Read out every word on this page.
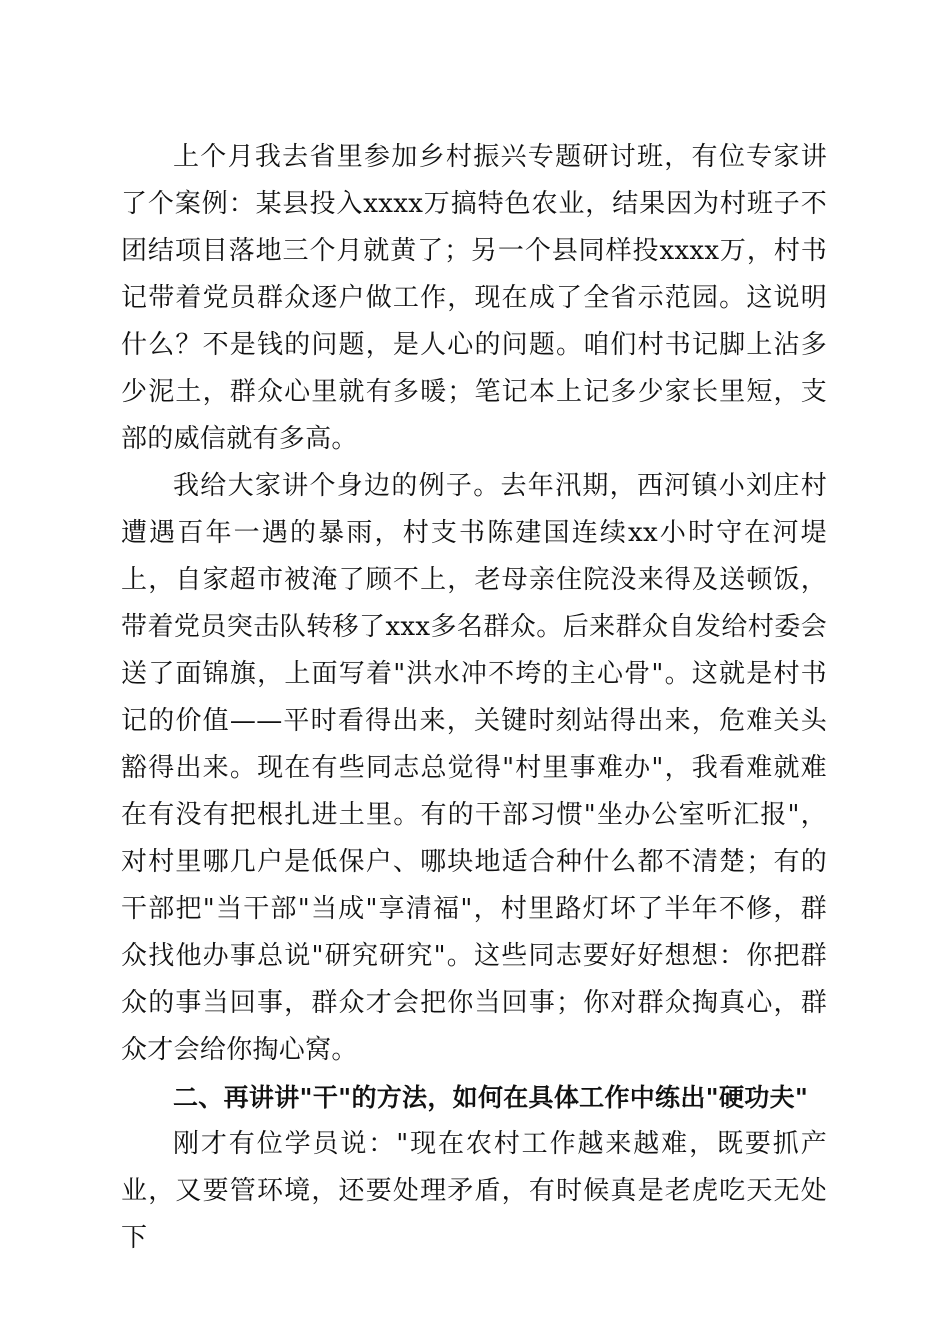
上个月我去省里参加乡村振兴专题研讨班，有位专家讲了个案例：某县投入xxxx万搞特色农业，结果因为村班子不团结项目落地三个月就黄了；另一个县同样投xxxx万，村书记带着党员群众逐户做工作，现在成了全省示范园。这说明什么？不是钱的问题，是人心的问题。咱们村书记脚上沾多少泥土，群众心里就有多暖；笔记本上记多少家长里短，支部的威信就有多高。

我给大家讲个身边的例子。去年汛期，西河镇小刘庄村遭遇百年一遇的暴雨，村支书陈建国连续xx小时守在河堤上，自家超市被淹了顾不上，老母亲住院没来得及送顿饭，带着党员突击队转移了xxx多名群众。后来群众自发给村委会送了面锦旗，上面写着"洪水冲不垮的主心骨"。这就是村书记的价值——平时看得出来，关键时刻站得出来，危难关头豁得出来。现在有些同志总觉得"村里事难办"，我看难就难在有没有把根扎进土里。有的干部习惯"坐办公室听汇报"，对村里哪几户是低保户、哪块地适合种什么都不清楚；有的干部把"当干部"当成"享清福"，村里路灯坏了半年不修，群众找他办事总说"研究研究"。这些同志要好好想想：你把群众的事当回事，群众才会把你当回事；你对群众掏真心，群众才会给你掏心窝。

二、再讲讲"干"的方法，如何在具体工作中练出"硬功夫"

刚才有位学员说："现在农村工作越来越难，既要抓产业，又要管环境，还要处理矛盾，有时候真是老虎吃天无处下
